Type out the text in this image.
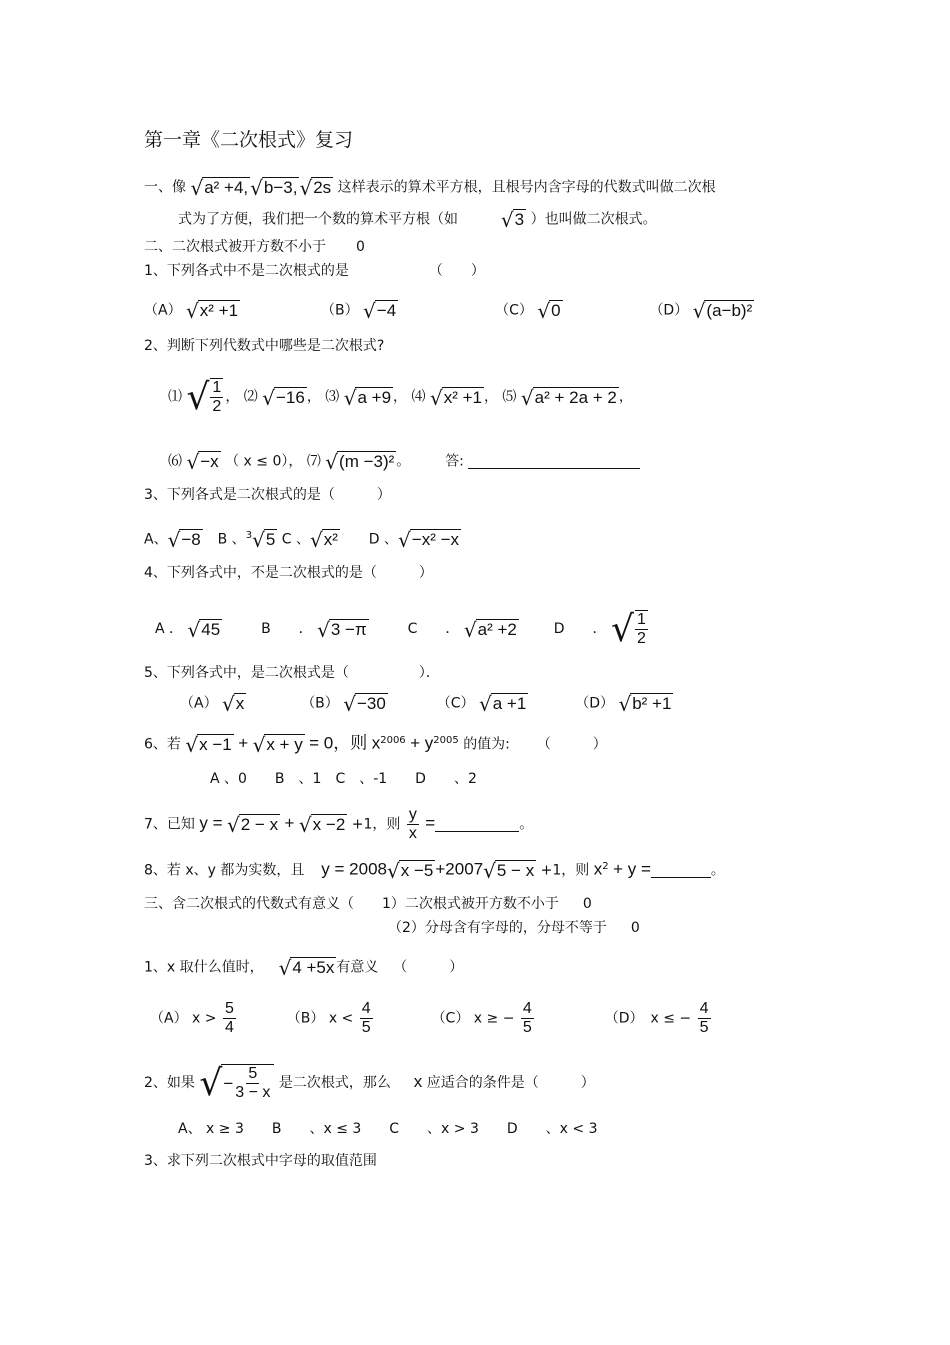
第一章《二次根式》复习
一、像 √ a² +4, √ b−3, √ 2s 这样表示的算术平方根，且根号内含字母的代数式叫做二次根
式为了方便，我们把一个数的算术平方根（如 √ 3 ）也叫做二次根式。
二、二次根式被开方数不小于 0
1、下列各式中不是二次根式的是	（　　）
（A） √ x² +1	（B） √ −4	（C） √ 0	（D） √ (a−b)²
2、判断下列代数式中哪些是二次根式?
⑴ √ 1
2
， ⑵ √ −16 ， ⑶ √ a +9 ， ⑷ √ x² +1 ， ⑸ √ a² + 2a + 2 ，
⑹ √ −x （ x ≤ 0）， ⑺ √ (m −3)² 。 答:
3、下列各式是二次根式的是（　　　）
A、 √ −8 B 、$^3$ √ 5 C 、 √ x² D 、 √ −x² −x
4、下列各式中，不是二次根式的是（　　　）
A ． √ 45	B　　． √ 3 −π	C　　． √ a² +2	D　　． √ 1
2
5、下列各式中，是二次根式是（　　　　　）．
（A） √ x	（B） √ −30	（C） √ a +1	（D） √ b² +1
6、若 √ x −1 + √ x + y = 0，则 $x^{2006} + y^{2005}$ 的值为: （　　　）
A 、0　　B　、1　C　、-1　　D　　、2
7、已知 y = √ 2 − x + √ x −2 +1，则 $\frac{y}{x}$ =	。
8、若 x、y 都为实数，且 y = 2008 √ x −5 +2007 √ 5 − x +1，则 $x^2 + y$ =	。
三、含二次根式的代数式有意义（　　1）二次根式被开方数不小于 0
（2）分母含有字母的，分母不等于 0
1、x 取什么值时， √ 4 +5x 有意义 （　　　）
（A） $x > \frac{5}{4}$	（B） $x < \frac{4}{5}$	（C） x ≥ − $\frac{4}{5}$	（D）　x ≤ − $\frac{4}{5}$
2、如果 √ − $\frac{5}{3 - x}$ 是二次根式，那么 x 应适合的条件是（　　　）
A、 x ≥ 3　　B　　、x ≤ 3　　C　　、x > 3　　D　　、x < 3
3、求下列二次根式中字母的取值范围
